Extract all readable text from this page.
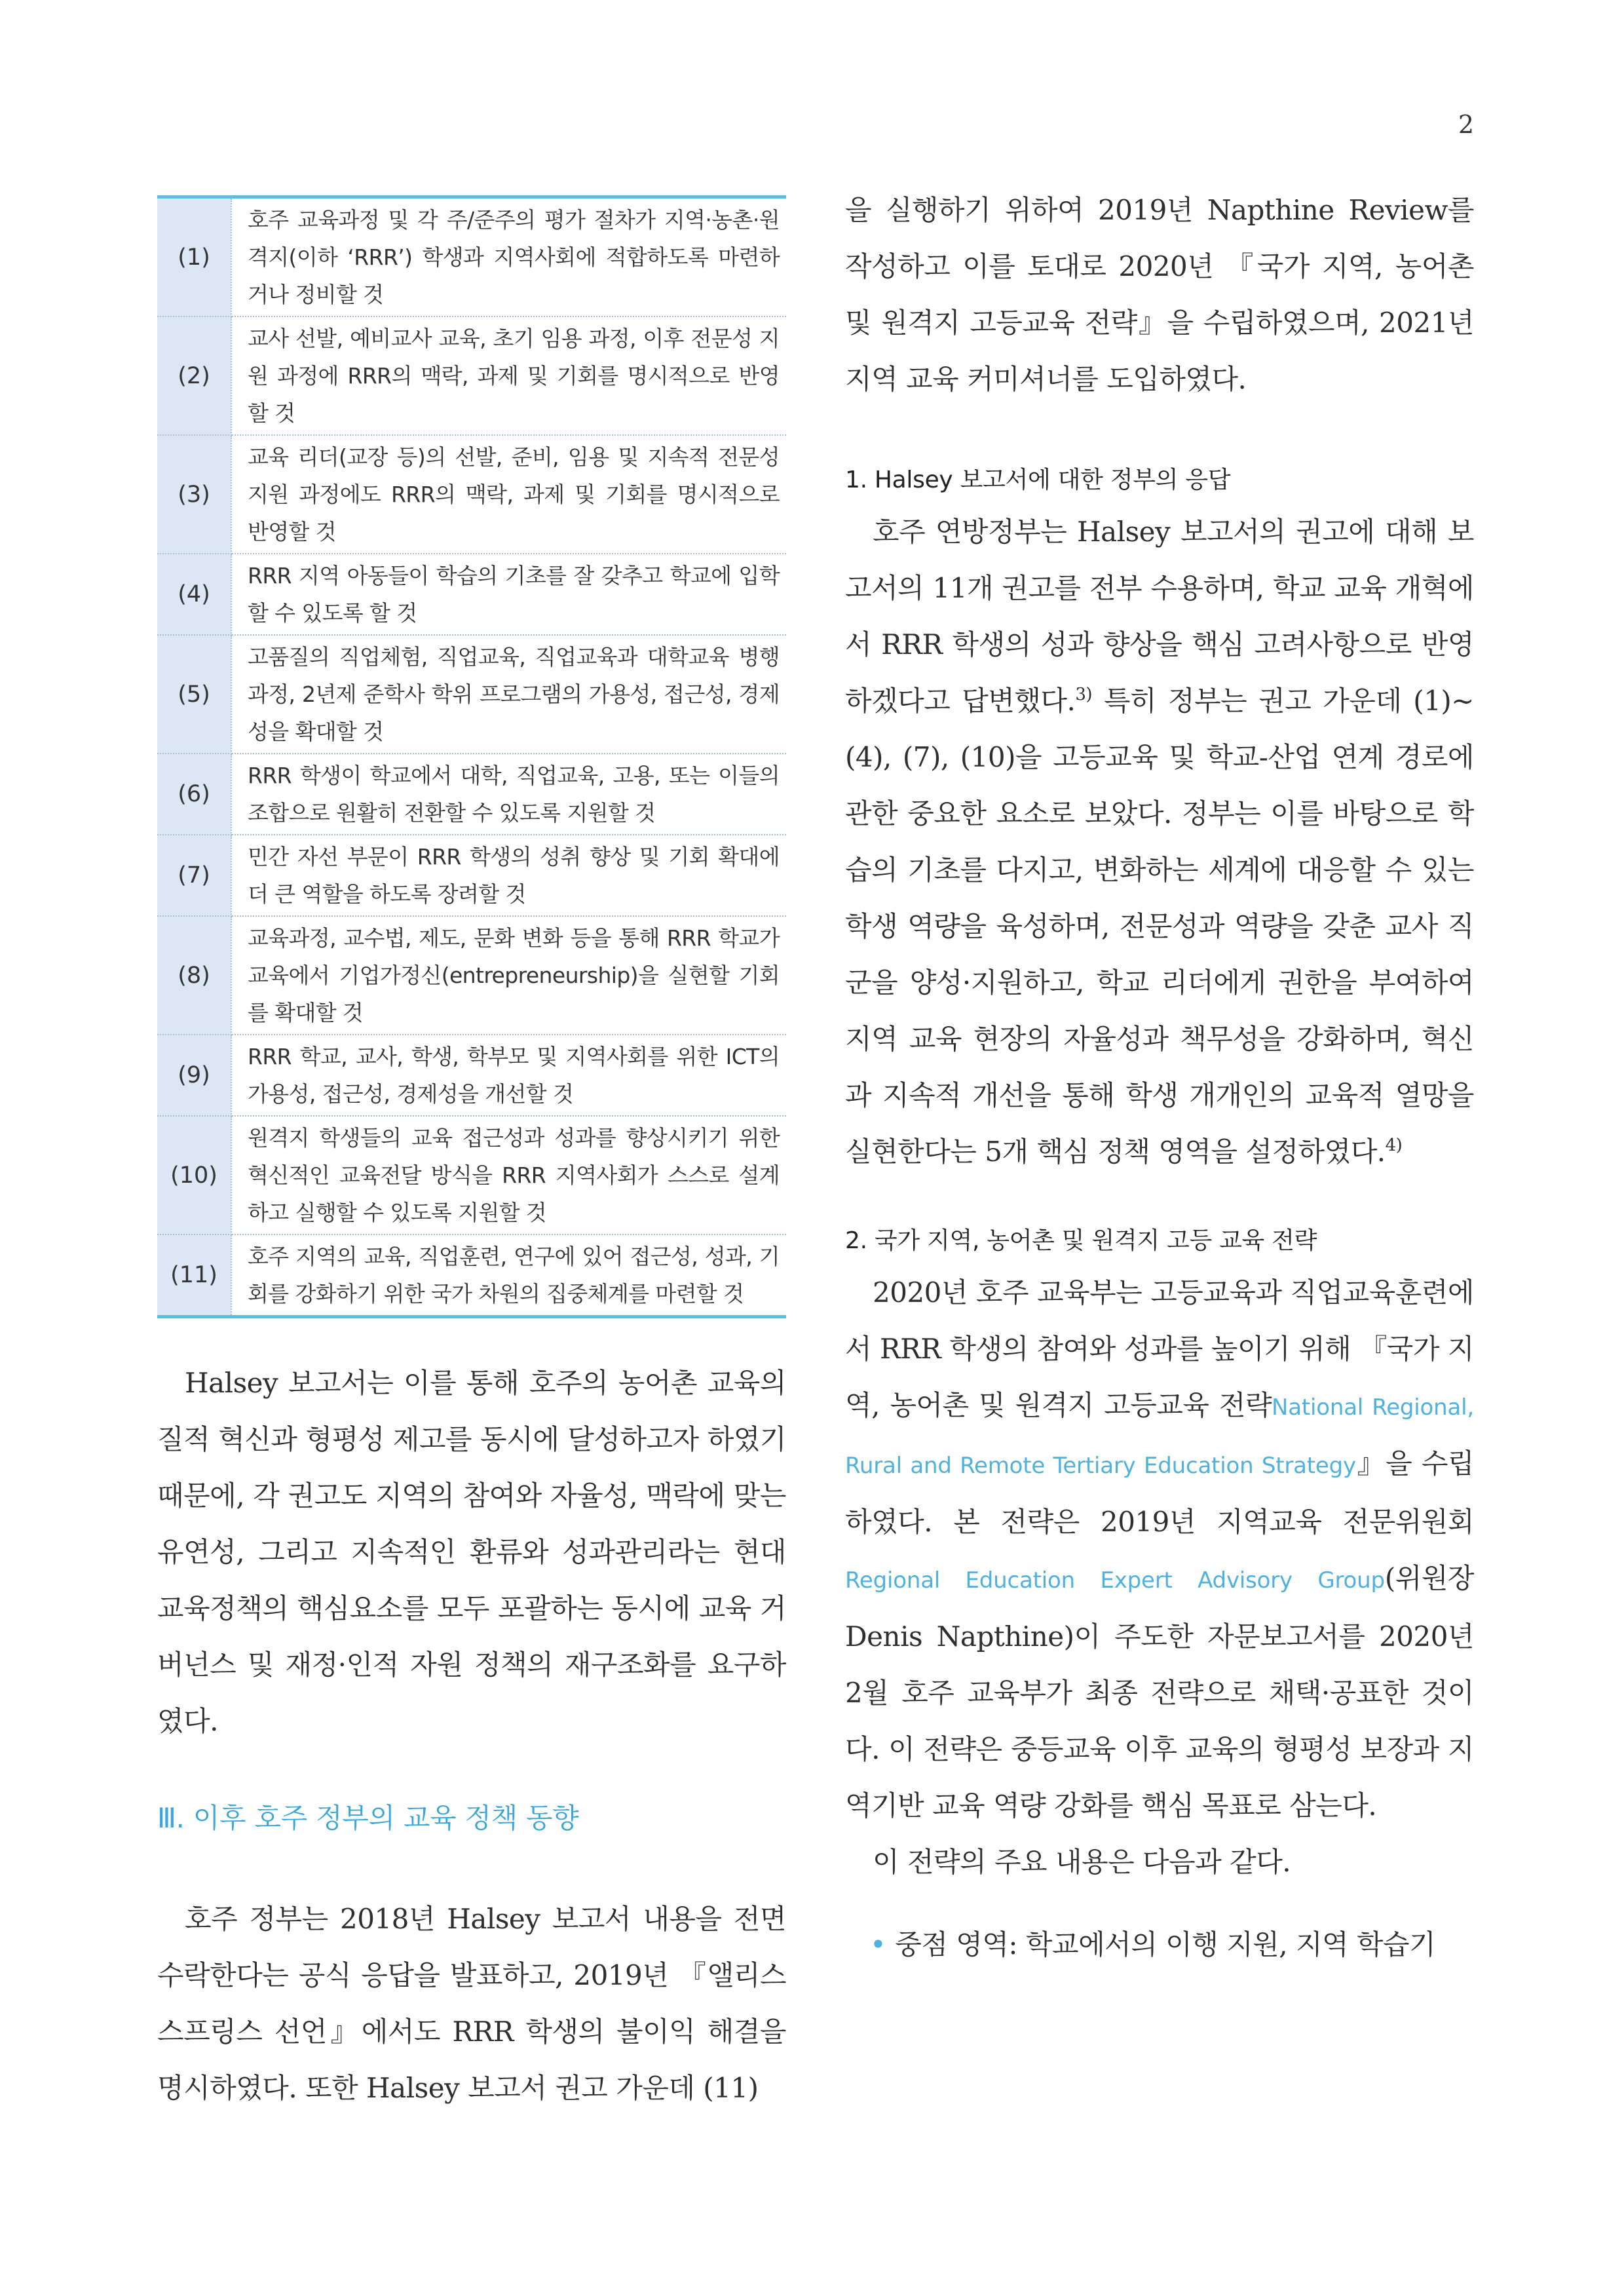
2
(1)	호주 교육과정 및 각 주/준주의 평가 절차가 지역·농촌·원격지(이하 ‘RRR’) 학생과 지역사회에 적합하도록 마련하거나 정비할 것
(2)	교사 선발, 예비교사 교육, 초기 임용 과정, 이후 전문성 지원 과정에 RRR의 맥락, 과제 및 기회를 명시적으로 반영할 것
(3)	교육 리더(교장 등)의 선발, 준비, 임용 및 지속적 전문성 지원 과정에도 RRR의 맥락, 과제 및 기회를 명시적으로 반영할 것
(4)	RRR 지역 아동들이 학습의 기초를 잘 갖추고 학교에 입학할 수 있도록 할 것
(5)	고품질의 직업체험, 직업교육, 직업교육과 대학교육 병행 과정, 2년제 준학사 학위 프로그램의 가용성, 접근성, 경제성을 확대할 것
(6)	RRR 학생이 학교에서 대학, 직업교육, 고용, 또는 이들의 조합으로 원활히 전환할 수 있도록 지원할 것
(7)	민간 자선 부문이 RRR 학생의 성취 향상 및 기회 확대에 더 큰 역할을 하도록 장려할 것
(8)	교육과정, 교수법, 제도, 문화 변화 등을 통해 RRR 학교가 교육에서 기업가정신(entrepreneurship)을 실현할 기회를 확대할 것
(9)	RRR 학교, 교사, 학생, 학부모 및 지역사회를 위한 ICT의 가용성, 접근성, 경제성을 개선할 것
(10)	원격지 학생들의 교육 접근성과 성과를 향상시키기 위한 혁신적인 교육전달 방식을 RRR 지역사회가 스스로 설계하고 실행할 수 있도록 지원할 것
(11)	호주 지역의 교육, 직업훈련, 연구에 있어 접근성, 성과, 기회를 강화하기 위한 국가 차원의 집중체계를 마련할 것

Halsey 보고서는 이를 통해 호주의 농어촌 교육의 질적 혁신과 형평성 제고를 동시에 달성하고자 하였기 때문에, 각 권고도 지역의 참여와 자율성, 맥락에 맞는 유연성, 그리고 지속적인 환류와 성과관리라는 현대 교육정책의 핵심요소를 모두 포괄하는 동시에 교육 거버넌스 및 재정·인적 자원 정책의 재구조화를 요구하였다.

Ⅲ. 이후 호주 정부의 교육 정책 동향

호주 정부는 2018년 Halsey 보고서 내용을 전면 수락한다는 공식 응답을 발표하고, 2019년 『앨리스 스프링스 선언』에서도 RRR 학생의 불이익 해결을 명시하였다. 또한 Halsey 보고서 권고 가운데 (11)

을 실행하기 위하여 2019년 Napthine Review를 작성하고 이를 토대로 2020년 『국가 지역, 농어촌 및 원격지 고등교육 전략』을 수립하였으며, 2021년 지역 교육 커미셔너를 도입하였다.

1. Halsey 보고서에 대한 정부의 응답

호주 연방정부는 Halsey 보고서의 권고에 대해 보고서의 11개 권고를 전부 수용하며, 학교 교육 개혁에서 RRR 학생의 성과 향상을 핵심 고려사항으로 반영하겠다고 답변했다.$^{3)}$ 특히 정부는 권고 가운데 (1)~(4), (7), (10)을 고등교육 및 학교-산업 연계 경로에 관한 중요한 요소로 보았다. 정부는 이를 바탕으로 학습의 기초를 다지고, 변화하는 세계에 대응할 수 있는 학생 역량을 육성하며, 전문성과 역량을 갖춘 교사 직군을 양성·지원하고, 학교 리더에게 권한을 부여하여 지역 교육 현장의 자율성과 책무성을 강화하며, 혁신과 지속적 개선을 통해 학생 개개인의 교육적 열망을 실현한다는 5개 핵심 정책 영역을 설정하였다.$^{4)}$

2. 국가 지역, 농어촌 및 원격지 고등 교육 전략

2020년 호주 교육부는 고등교육과 직업교육훈련에서 RRR 학생의 참여와 성과를 높이기 위해 『국가 지역, 농어촌 및 원격지 고등교육 전략National Regional, Rural and Remote Tertiary Education Strategy』을 수립하였다. 본 전략은 2019년 지역교육 전문위원회Regional Education Expert Advisory Group(위원장 Denis Napthine)이 주도한 자문보고서를 2020년 2월 호주 교육부가 최종 전략으로 채택·공표한 것이다. 이 전략은 중등교육 이후 교육의 형평성 보장과 지역기반 교육 역량 강화를 핵심 목표로 삼는다.

이 전략의 주요 내용은 다음과 같다.

• 중점 영역: 학교에서의 이행 지원, 지역 학습기
